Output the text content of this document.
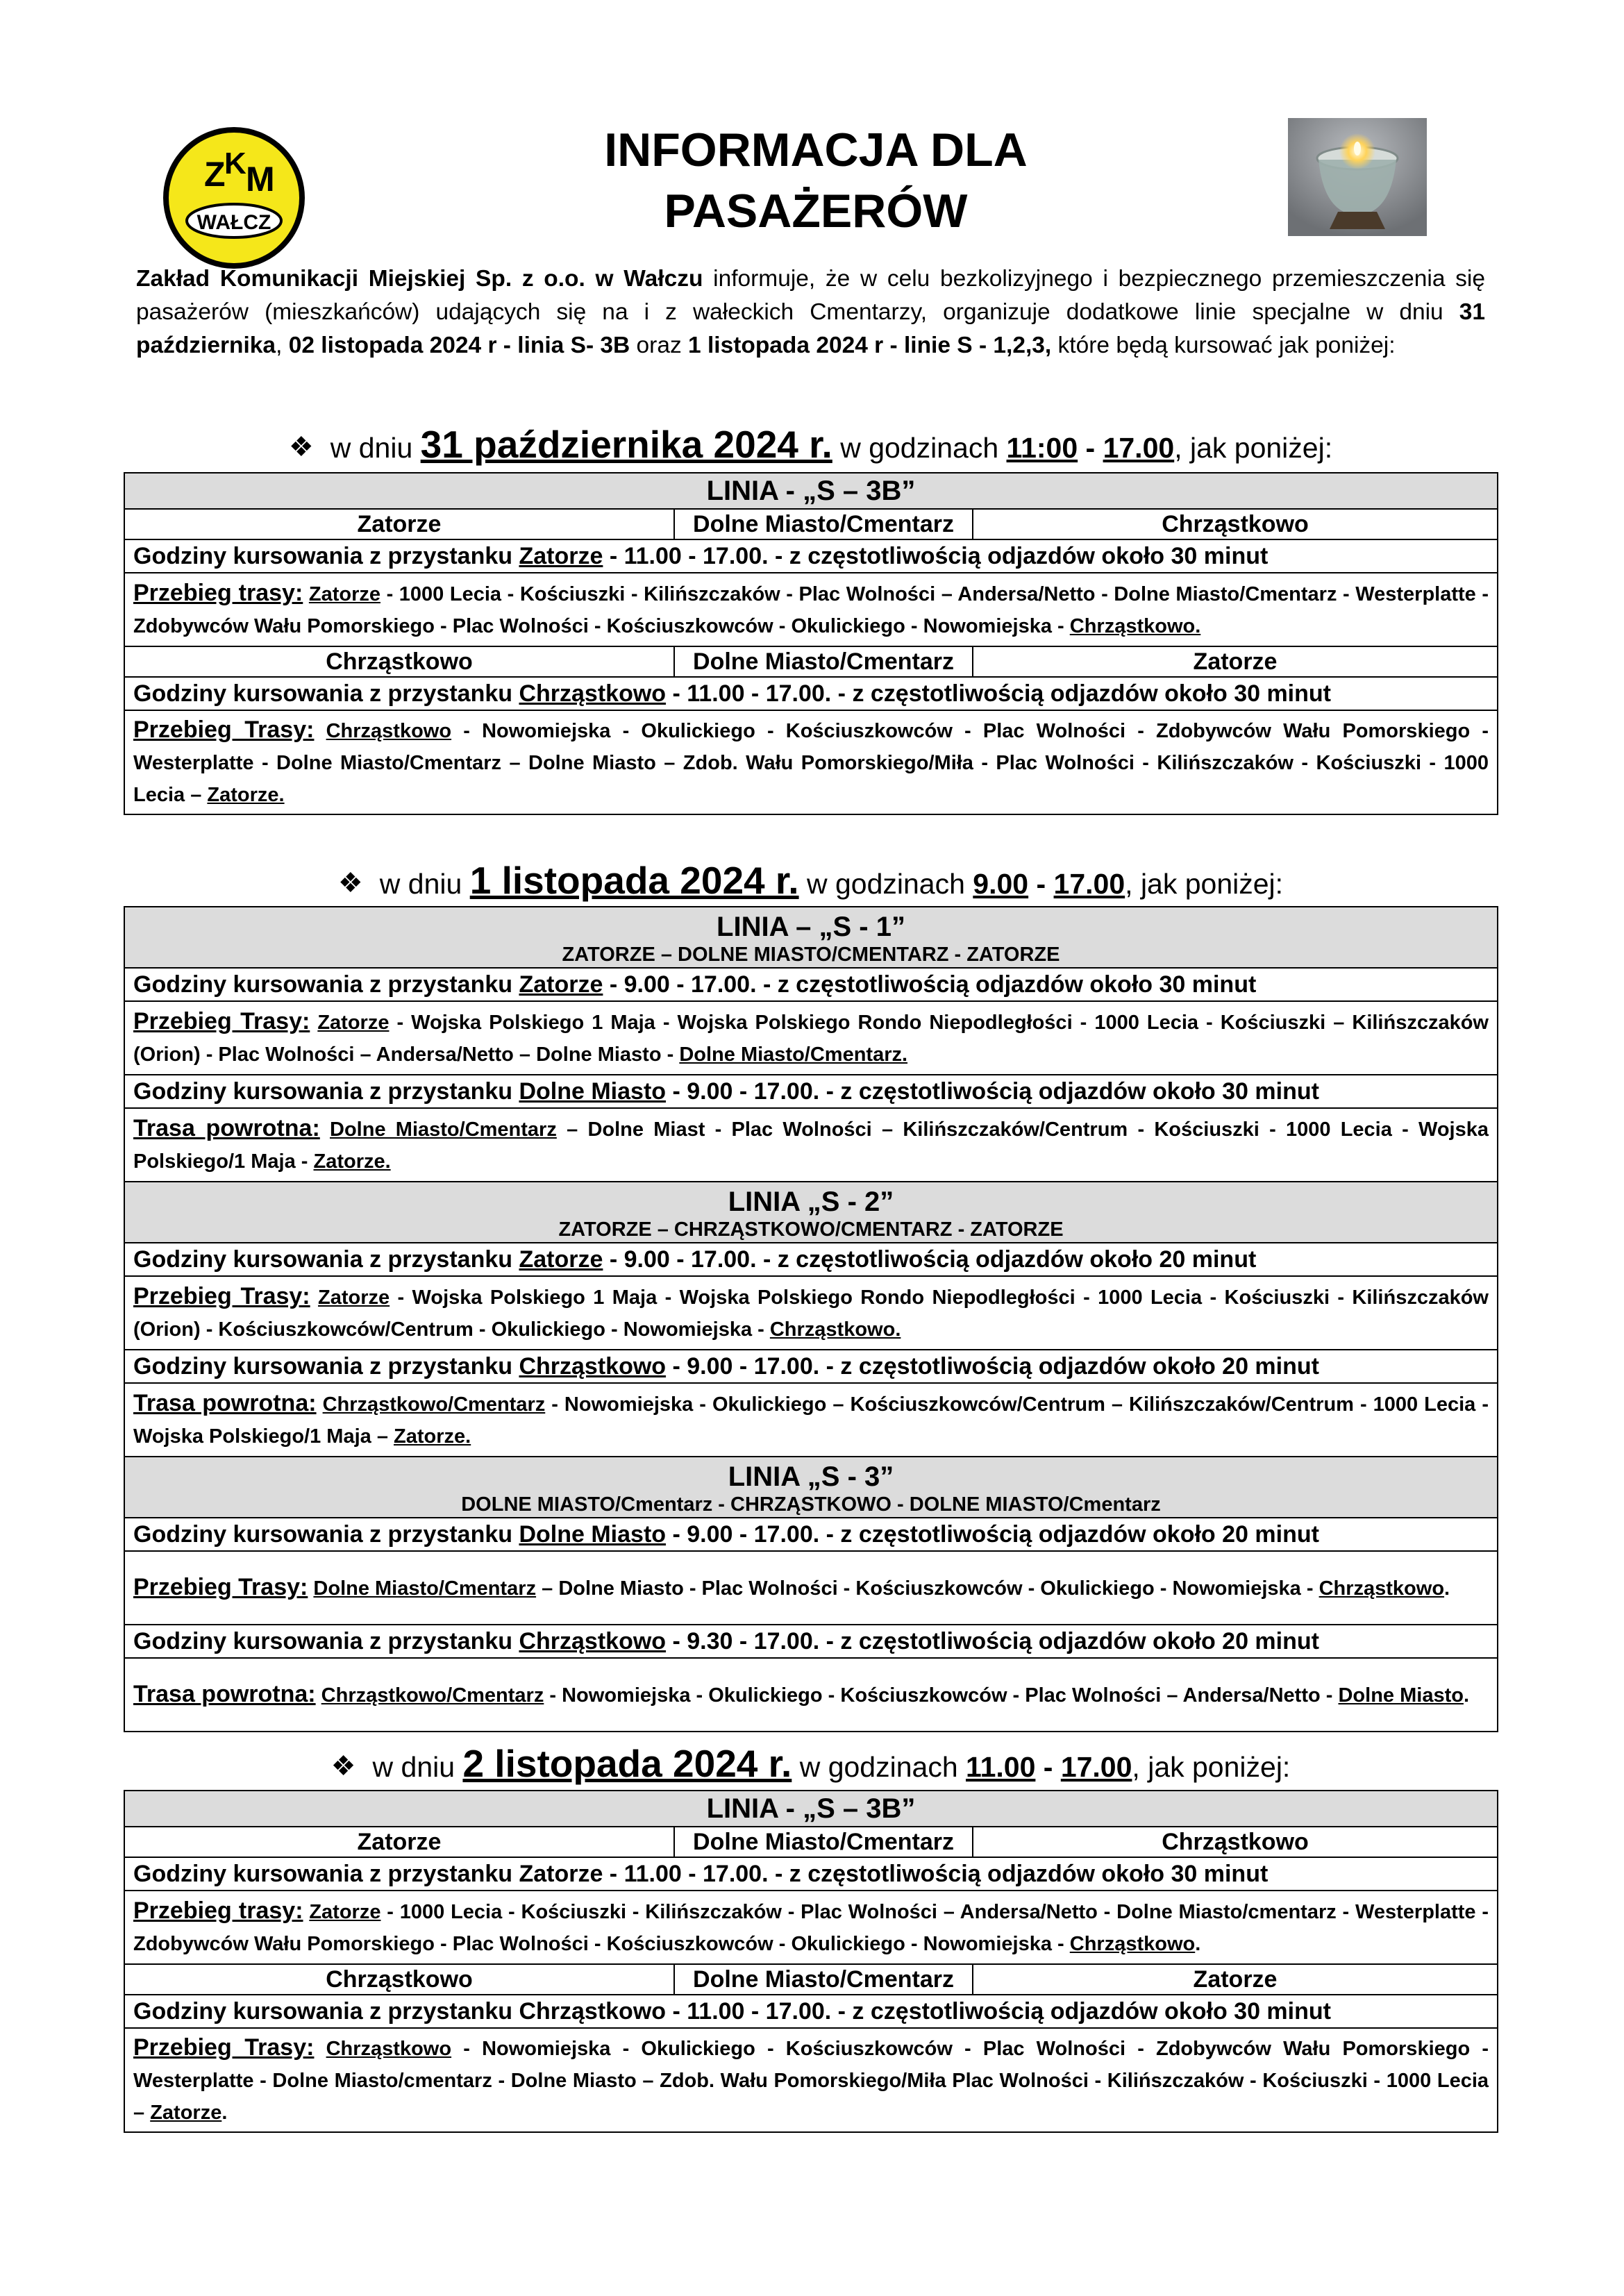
Z
K M
WAŁCZ
INFORMACJA DLA
PASAŻERÓW
Zakład Komunikacji Miejskiej Sp. z o.o. w Wałczu informuje, że w celu bezkolizyjnego i bezpiecznego przemieszczenia się pasażerów (mieszkańców) udających się na i z wałeckich Cmentarzy, organizuje dodatkowe linie specjalne w dniu 31 października, 02 listopada 2024 r - linia S- 3B oraz 1 listopada 2024 r - linie S - 1,2,3, które będą kursować jak poniżej:
❖ w dniu 31 października 2024 r. w godzinach 11:00 - 17.00, jak poniżej:
LINIA - „S – 3B”		
Zatorze	Dolne Miasto/Cmentarz	Chrząstkowo
Godziny kursowania z przystanku Zatorze - 11.00 - 17.00. - z częstotliwością odjazdów około 30 minut		
Przebieg trasy: Zatorze - 1000 Lecia - Kościuszki - Kilińszczaków - Plac Wolności – Andersa/Netto - Dolne Miasto/Cmentarz - Westerplatte - Zdobywców Wału Pomorskiego - Plac Wolności - Kościuszkowców - Okulickiego - Nowomiejska - Chrząstkowo.		
Chrząstkowo	Dolne Miasto/Cmentarz	Zatorze
Godziny kursowania z przystanku Chrząstkowo - 11.00 - 17.00. - z częstotliwością odjazdów około 30 minut		
Przebieg Trasy: Chrząstkowo - Nowomiejska - Okulickiego - Kościuszkowców - Plac Wolności - Zdobywców Wału Pomorskiego - Westerplatte - Dolne Miasto/Cmentarz – Dolne Miasto – Zdob. Wału Pomorskiego/Miła - Plac Wolności - Kilińszczaków - Kościuszki - 1000 Lecia – Zatorze.		
❖ w dniu 1 listopada 2024 r. w godzinach 9.00 - 17.00, jak poniżej:
LINIA – „S - 1”
ZATORZE – DOLNE MIASTO/CMENTARZ - ZATORZE

Godziny kursowania z przystanku Zatorze - 9.00 - 17.00. - z częstotliwością odjazdów około 30 minut
Przebieg Trasy: Zatorze - Wojska Polskiego 1 Maja - Wojska Polskiego Rondo Niepodległości - 1000 Lecia - Kościuszki – Kilińszczaków (Orion) - Plac Wolności – Andersa/Netto – Dolne Miasto - Dolne Miasto/Cmentarz.
Godziny kursowania z przystanku Dolne Miasto - 9.00 - 17.00. - z częstotliwością odjazdów około 30 minut
Trasa powrotna: Dolne Miasto/Cmentarz – Dolne Miast - Plac Wolności – Kilińszczaków/Centrum - Kościuszki - 1000 Lecia - Wojska Polskiego/1 Maja - Zatorze.

LINIA „S - 2”
ZATORZE – CHRZĄSTKOWO/CMENTARZ - ZATORZE

Godziny kursowania z przystanku Zatorze - 9.00 - 17.00. - z częstotliwością odjazdów około 20 minut
Przebieg Trasy: Zatorze - Wojska Polskiego 1 Maja - Wojska Polskiego Rondo Niepodległości - 1000 Lecia - Kościuszki - Kilińszczaków (Orion) - Kościuszkowców/Centrum - Okulickiego - Nowomiejska - Chrząstkowo.
Godziny kursowania z przystanku Chrząstkowo - 9.00 - 17.00. - z częstotliwością odjazdów około 20 minut
Trasa powrotna: Chrząstkowo/Cmentarz - Nowomiejska - Okulickiego – Kościuszkowców/Centrum – Kilińszczaków/Centrum - 1000 Lecia - Wojska Polskiego/1 Maja – Zatorze.

LINIA „S - 3”
DOLNE MIASTO/Cmentarz - CHRZĄSTKOWO - DOLNE MIASTO/Cmentarz

Godziny kursowania z przystanku Dolne Miasto - 9.00 - 17.00. - z częstotliwością odjazdów około 20 minut
Przebieg Trasy: Dolne Miasto/Cmentarz – Dolne Miasto - Plac Wolności - Kościuszkowców - Okulickiego - Nowomiejska - Chrząstkowo.
Godziny kursowania z przystanku Chrząstkowo - 9.30 - 17.00. - z częstotliwością odjazdów około 20 minut
Trasa powrotna: Chrząstkowo/Cmentarz - Nowomiejska - Okulickiego - Kościuszkowców - Plac Wolności – Andersa/Netto - Dolne Miasto.
❖ w dniu 2 listopada 2024 r. w godzinach 11.00 - 17.00, jak poniżej:
LINIA - „S – 3B”		
Zatorze	Dolne Miasto/Cmentarz	Chrząstkowo
Godziny kursowania z przystanku Zatorze - 11.00 - 17.00. - z częstotliwością odjazdów około 30 minut		
Przebieg trasy: Zatorze - 1000 Lecia - Kościuszki - Kilińszczaków - Plac Wolności – Andersa/Netto - Dolne Miasto/cmentarz - Westerplatte - Zdobywców Wału Pomorskiego - Plac Wolności - Kościuszkowców - Okulickiego - Nowomiejska - Chrząstkowo.		
Chrząstkowo	Dolne Miasto/Cmentarz	Zatorze
Godziny kursowania z przystanku Chrząstkowo - 11.00 - 17.00. - z częstotliwością odjazdów około 30 minut		
Przebieg Trasy: Chrząstkowo - Nowomiejska - Okulickiego - Kościuszkowców - Plac Wolności - Zdobywców Wału Pomorskiego - Westerplatte - Dolne Miasto/cmentarz - Dolne Miasto – Zdob. Wału Pomorskiego/Miła Plac Wolności - Kilińszczaków - Kościuszki - 1000 Lecia – Zatorze.		
